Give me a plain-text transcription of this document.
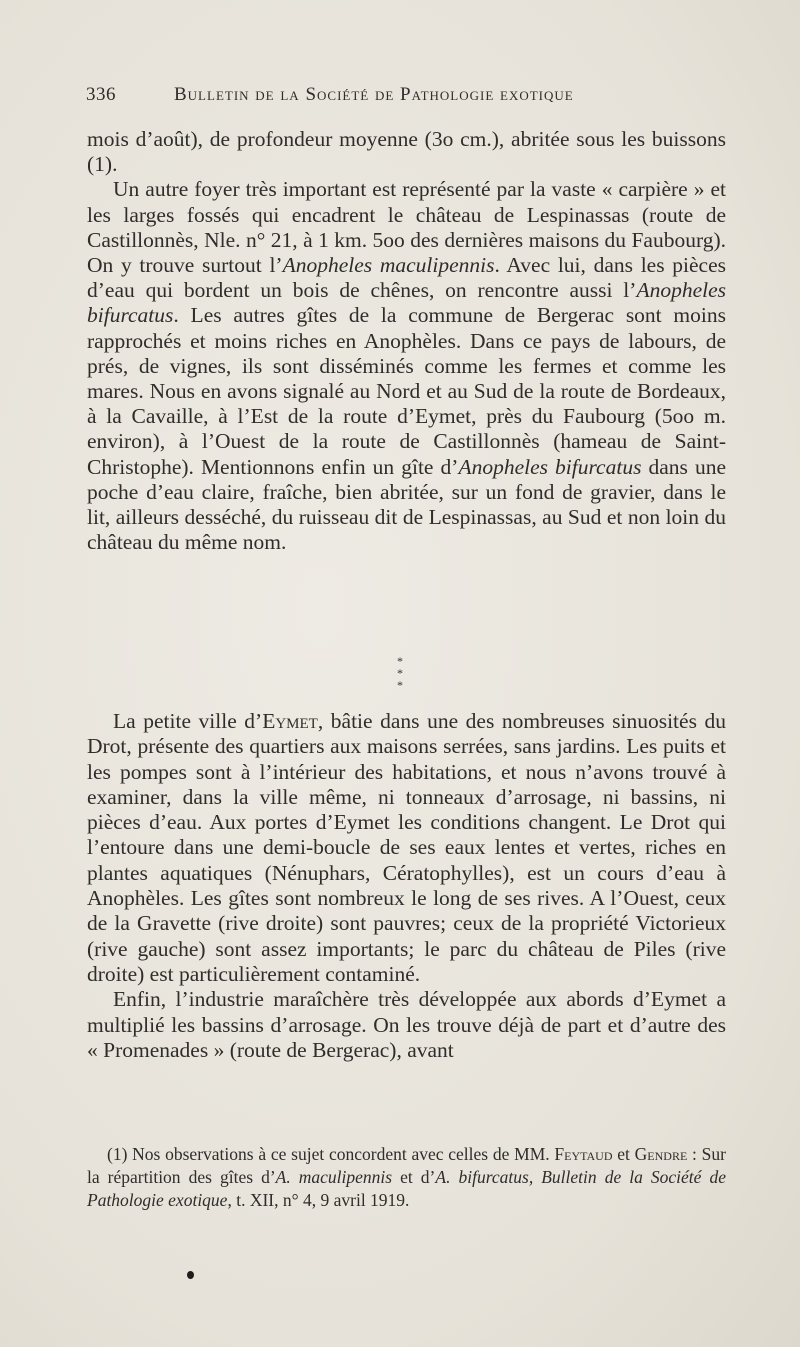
336	Bulletin de la Société de Pathologie exotique

mois d’août), de profondeur moyenne (3o cm.), abritée sous les buissons (1).

Un autre foyer très important est représenté par la vaste « carpière » et les larges fossés qui encadrent le château de Lespinassas (route de Castillonnès, Nle. n° 21, à 1 km. 5oo des dernières maisons du Faubourg). On y trouve surtout l’Anopheles maculipennis. Avec lui, dans les pièces d’eau qui bordent un bois de chênes, on rencontre aussi l’Anopheles bifurcatus. Les autres gîtes de la commune de Bergerac sont moins rapprochés et moins riches en Anophèles. Dans ce pays de labours, de prés, de vignes, ils sont disséminés comme les fermes et comme les mares. Nous en avons signalé au Nord et au Sud de la route de Bordeaux, à la Cavaille, à l’Est de la route d’Eymet, près du Faubourg (5oo m. environ), à l’Ouest de la route de Castillonnès (hameau de Saint-Christophe). Mentionnons enfin un gîte d’Anopheles bifurcatus dans une poche d’eau claire, fraîche, bien abritée, sur un fond de gravier, dans le lit, ailleurs desséché, du ruisseau dit de Lespinassas, au Sud et non loin du château du même nom.

*
* *

La petite ville d’Eymet, bâtie dans une des nombreuses sinuosités du Drot, présente des quartiers aux maisons serrées, sans jardins. Les puits et les pompes sont à l’intérieur des habitations, et nous n’avons trouvé à examiner, dans la ville même, ni tonneaux d’arrosage, ni bassins, ni pièces d’eau. Aux portes d’Eymet les conditions changent. Le Drot qui l’entoure dans une demi-boucle de ses eaux lentes et vertes, riches en plantes aquatiques (Nénuphars, Cératophylles), est un cours d’eau à Anophèles. Les gîtes sont nombreux le long de ses rives. A l’Ouest, ceux de la Gravette (rive droite) sont pauvres; ceux de la propriété Victorieux (rive gauche) sont assez importants; le parc du château de Piles (rive droite) est particulièrement contaminé.

Enfin, l’industrie maraîchère très développée aux abords d’Eymet a multiplié les bassins d’arrosage. On les trouve déjà de part et d’autre des « Promenades » (route de Bergerac), avant

(1) Nos observations à ce sujet concordent avec celles de MM. Feytaud et Gendre : Sur la répartition des gîtes d’A. maculipennis et d’A. bifurcatus, Bulletin de la Société de Pathologie exotique, t. XII, n° 4, 9 avril 1919.
